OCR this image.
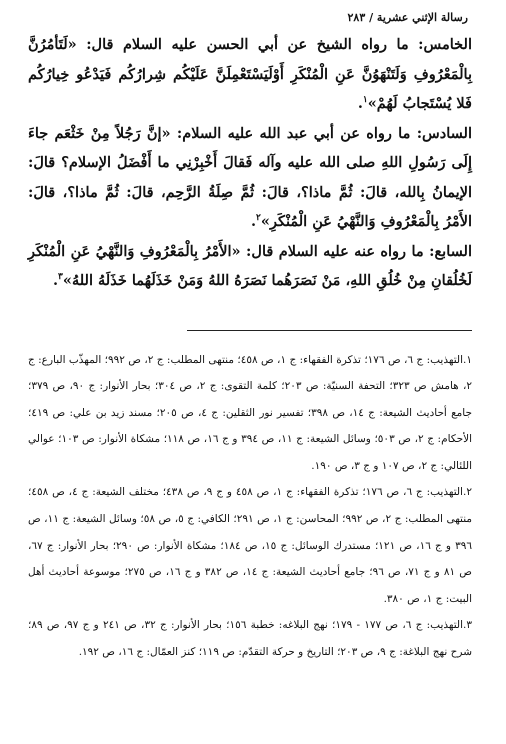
رسالة الإثني عشرية / ٢٨٣

الخامس: ما رواه الشيخ عن أبي الحسن عليه السلام قال: «لَتَأمُرُنَّ بِالْمَعْرُوفِ وَلَتَنْهَوُنَّ عَنِ الْمُنْكَرِ أَوْلَيَسْتَعْمِلَنَّ عَلَيْكُم شِرارُكُم فَيَدْعُو خِيارُكُم فَلا يُسْتَجابُ لَهُمْ»$^١$.

السادس: ما رواه عن أبي عبد الله عليه السلام: «إنَّ رَجُلاً مِنْ خَثْعَم جاءَ إِلَى رَسُولِ اللهِ صلى الله عليه وآله فَقالَ أَخْبِرْنِي ما أَفْضَلُ الإسلام؟ قالَ: الإيمانُ بِالله، قالَ: ثُمَّ ماذا؟، قالَ: ثُمَّ صِلَةُ الرَّحِم، قالَ: ثُمَّ ماذا؟، قالَ: الأَمْرُ بِالْمَعْرُوفِ وَالنَّهْيُ عَنِ الْمُنْكَرِ»$^٢$.

السابع: ما رواه عنه عليه السلام قال: «الأَمْرُ بِالْمَعْرُوفِ وَالنَّهْيُ عَنِ الْمُنْكَرِ لَخُلُقانِ مِنْ خُلُقِ اللهِ، مَنْ نَصَرَهُما نَصَرَهُ اللهُ وَمَنْ خَذَلَهُما خَذَلَهُ اللهُ»$^٣$.

١.التهذيب: ج ٦، ص ١٧٦؛ تذكرة الفقهاء: ج ١، ص ٤٥٨؛ منتهى المطلب: ج ٢، ص ٩٩٢؛ المهذّب البارع: ج ٢، هامش ص ٣٢٣؛ التحفة السنيّة: ص ٢٠٣؛ كلمة التقوى: ج ٢، ص ٣٠٤؛ بحار الأنوار: ج ٩٠، ص ٣٧٩؛ جامع أحاديث الشيعة: ج ١٤، ص ٣٩٨؛ تفسير نور الثقلين: ج ٤، ص ٢٠٥؛ مسند زيد بن علي: ص ٤١٩؛ الأحكام: ج ٢، ص ٥٠٣؛ وسائل الشيعة: ج ١١، ص ٣٩٤ و ج ١٦، ص ١١٨؛ مشكاة الأنوار: ص ١٠٣؛ عوالي اللئالي: ج ٢، ص ١٠٧ و ج ٣، ص ١٩٠.

٢.التهذيب: ج ٦، ص ١٧٦؛ تذكرة الفقهاء: ج ١، ص ٤٥٨ و ج ٩، ص ٤٣٨؛ مختلف الشيعة: ج ٤، ص ٤٥٨؛ منتهى المطلب: ج ٢، ص ٩٩٢؛ المحاسن: ج ١، ص ٢٩١؛ الكافي: ج ٥، ص ٥٨؛ وسائل الشيعة: ج ١١، ص ٣٩٦ و ج ١٦، ص ١٢١؛ مستدرك الوسائل: ج ١٥، ص ١٨٤؛ مشكاة الأنوار: ص ٢٩٠؛ بحار الأنوار: ج ٦٧، ص ٨١ و ج ٧١، ص ٩٦؛ جامع أحاديث الشيعة: ج ١٤، ص ٣٨٢ و ج ١٦، ص ٢٧٥؛ موسوعة أحاديث أهل البيت: ج ١، ص ٣٨٠.

٣.التهذيب: ج ٦، ص ١٧٧ - ١٧٩؛ نهج البلاغه: خطبة ١٥٦؛ بحار الأنوار: ج ٣٢، ص ٢٤١ و ج ٩٧، ص ٨٩؛ شرح نهج البلاغة: ج ٩، ص ٢٠٣؛ التاريخ و حركة التقدّم: ص ١١٩؛ كنز العمّال: ج ١٦، ص ١٩٢.
